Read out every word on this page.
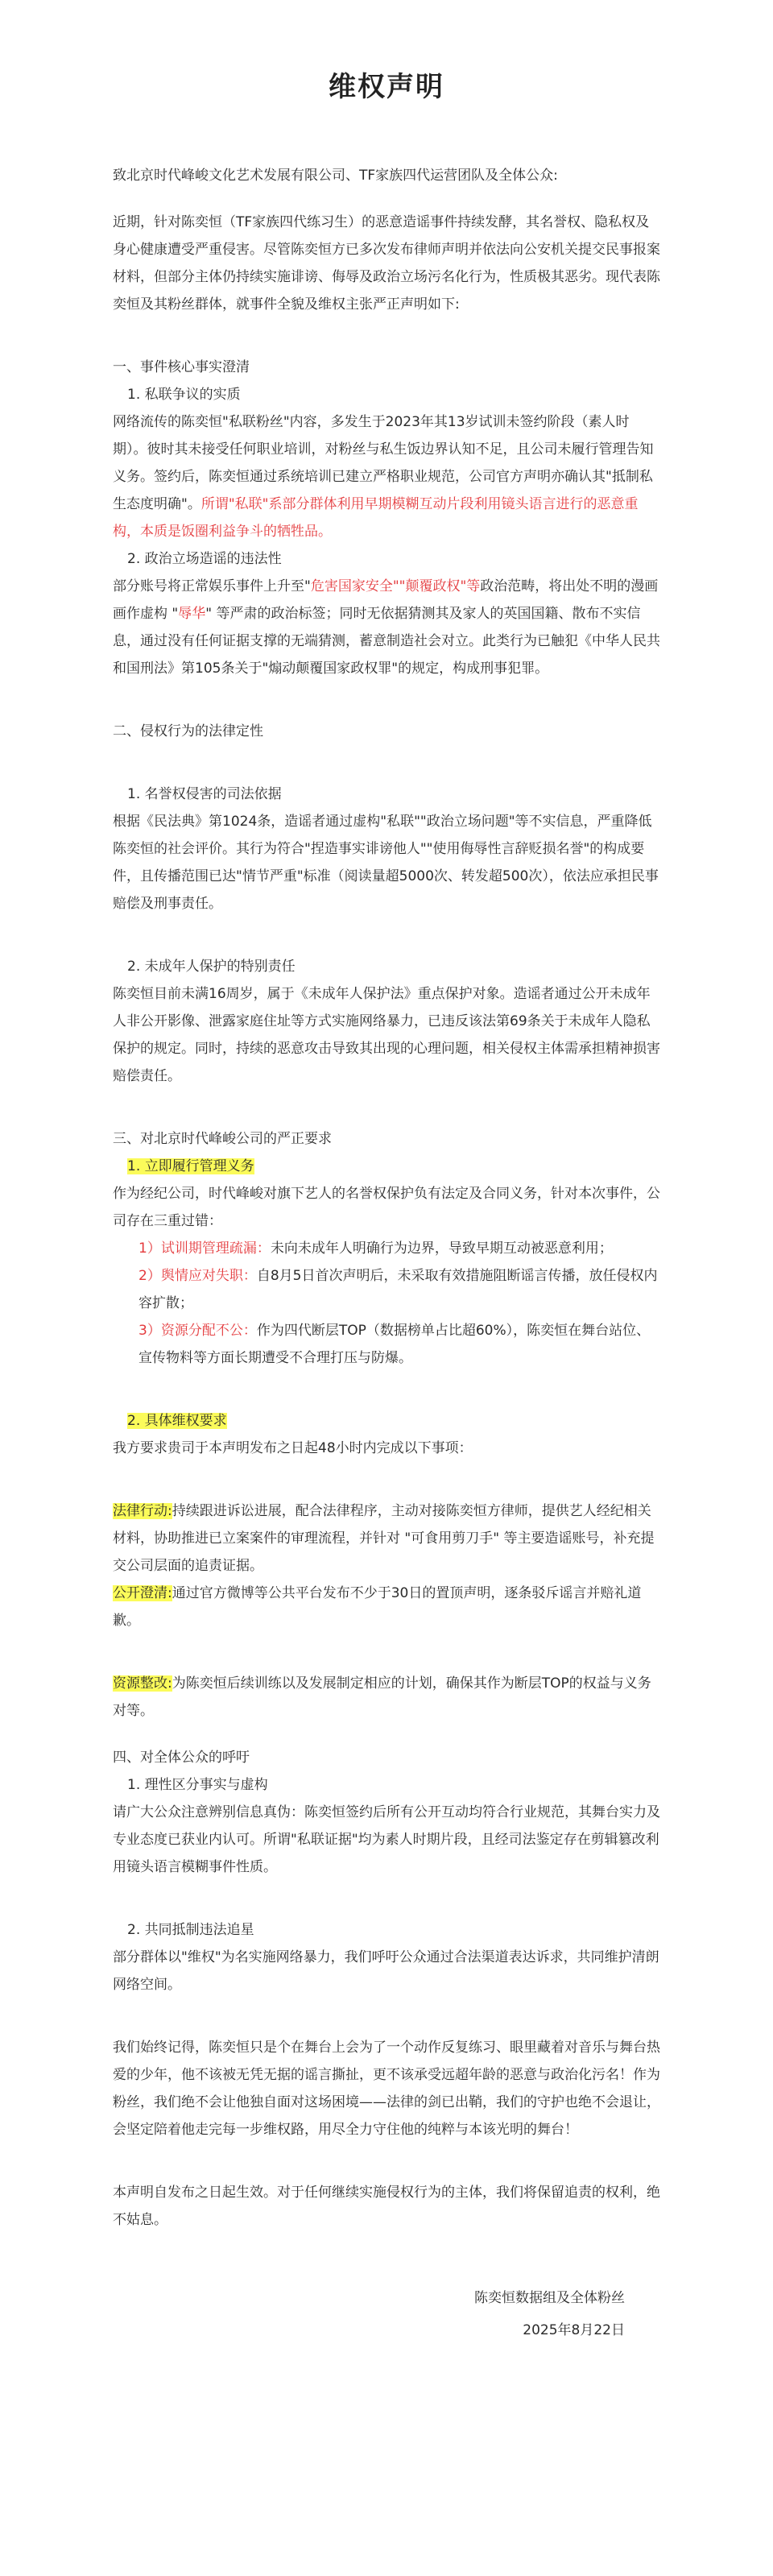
维权声明

致北京时代峰峻文化艺术发展有限公司、TF家族四代运营团队及全体公众:

近期，针对陈奕恒（TF家族四代练习生）的恶意造谣事件持续发酵，其名誉权、隐私权及身心健康遭受严重侵害。尽管陈奕恒方已多次发布律师声明并依法向公安机关提交民事报案材料，但部分主体仍持续实施诽谤、侮辱及政治立场污名化行为，性质极其恶劣。现代表陈奕恒及其粉丝群体，就事件全貌及维权主张严正声明如下:

一、事件核心事实澄清

1. 私联争议的实质

网络流传的陈奕恒"私联粉丝"内容，多发生于2023年其13岁试训未签约阶段（素人时期）。彼时其未接受任何职业培训，对粉丝与私生饭边界认知不足，且公司未履行管理告知义务。签约后，陈奕恒通过系统培训已建立严格职业规范，公司官方声明亦确认其"抵制私生态度明确"。所谓"私联"系部分群体利用早期模糊互动片段利用镜头语言进行的恶意重构，本质是饭圈利益争斗的牺牲品。

2. 政治立场造谣的违法性

部分账号将正常娱乐事件上升至"危害国家安全""颠覆政权"等政治范畴，将出处不明的漫画画作虚构 "辱华" 等严肃的政治标签；同时无依据猜测其及家人的英国国籍、散布不实信息，通过没有任何证据支撑的无端猜测，蓄意制造社会对立。此类行为已触犯《中华人民共和国刑法》第105条关于"煽动颠覆国家政权罪"的规定，构成刑事犯罪。

二、侵权行为的法律定性

1. 名誉权侵害的司法依据

根据《民法典》第1024条，造谣者通过虚构"私联""政治立场问题"等不实信息，严重降低陈奕恒的社会评价。其行为符合"捏造事实诽谤他人""使用侮辱性言辞贬损名誉"的构成要件，且传播范围已达"情节严重"标准（阅读量超5000次、转发超500次），依法应承担民事赔偿及刑事责任。

2. 未成年人保护的特别责任

陈奕恒目前未满16周岁，属于《未成年人保护法》重点保护对象。造谣者通过公开未成年人非公开影像、泄露家庭住址等方式实施网络暴力，已违反该法第69条关于未成年人隐私保护的规定。同时，持续的恶意攻击导致其出现的心理问题，相关侵权主体需承担精神损害赔偿责任。

三、对北京时代峰峻公司的严正要求

1. 立即履行管理义务

作为经纪公司，时代峰峻对旗下艺人的名誉权保护负有法定及合同义务，针对本次事件，公司存在三重过错：

1）试训期管理疏漏：未向未成年人明确行为边界，导致早期互动被恶意利用；

2）舆情应对失职：自8月5日首次声明后，未采取有效措施阻断谣言传播，放任侵权内容扩散；

3）资源分配不公：作为四代断层TOP（数据榜单占比超60%），陈奕恒在舞台站位、宣传物料等方面长期遭受不合理打压与防爆。

2. 具体维权要求

我方要求贵司于本声明发布之日起48小时内完成以下事项：

法律行动:持续跟进诉讼进展，配合法律程序，主动对接陈奕恒方律师，提供艺人经纪相关材料，协助推进已立案案件的审理流程，并针对 "可食用剪刀手" 等主要造谣账号，补充提交公司层面的追责证据。

公开澄清:通过官方微博等公共平台发布不少于30日的置顶声明，逐条驳斥谣言并赔礼道歉。

资源整改:为陈奕恒后续训练以及发展制定相应的计划，确保其作为断层TOP的权益与义务对等。

四、对全体公众的呼吁

1. 理性区分事实与虚构

请广大公众注意辨别信息真伪：陈奕恒签约后所有公开互动均符合行业规范，其舞台实力及专业态度已获业内认可。所谓"私联证据"均为素人时期片段，且经司法鉴定存在剪辑篡改利用镜头语言模糊事件性质。

2. 共同抵制违法追星

部分群体以"维权"为名实施网络暴力，我们呼吁公众通过合法渠道表达诉求，共同维护清朗网络空间。

我们始终记得，陈奕恒只是个在舞台上会为了一个动作反复练习、眼里藏着对音乐与舞台热爱的少年，他不该被无凭无据的谣言撕扯，更不该承受远超年龄的恶意与政治化污名！作为粉丝，我们绝不会让他独自面对这场困境——法律的剑已出鞘，我们的守护也绝不会退让，会坚定陪着他走完每一步维权路，用尽全力守住他的纯粹与本该光明的舞台！

本声明自发布之日起生效。对于任何继续实施侵权行为的主体，我们将保留追责的权利，绝不姑息。

陈奕恒数据组及全体粉丝
2025年8月22日
